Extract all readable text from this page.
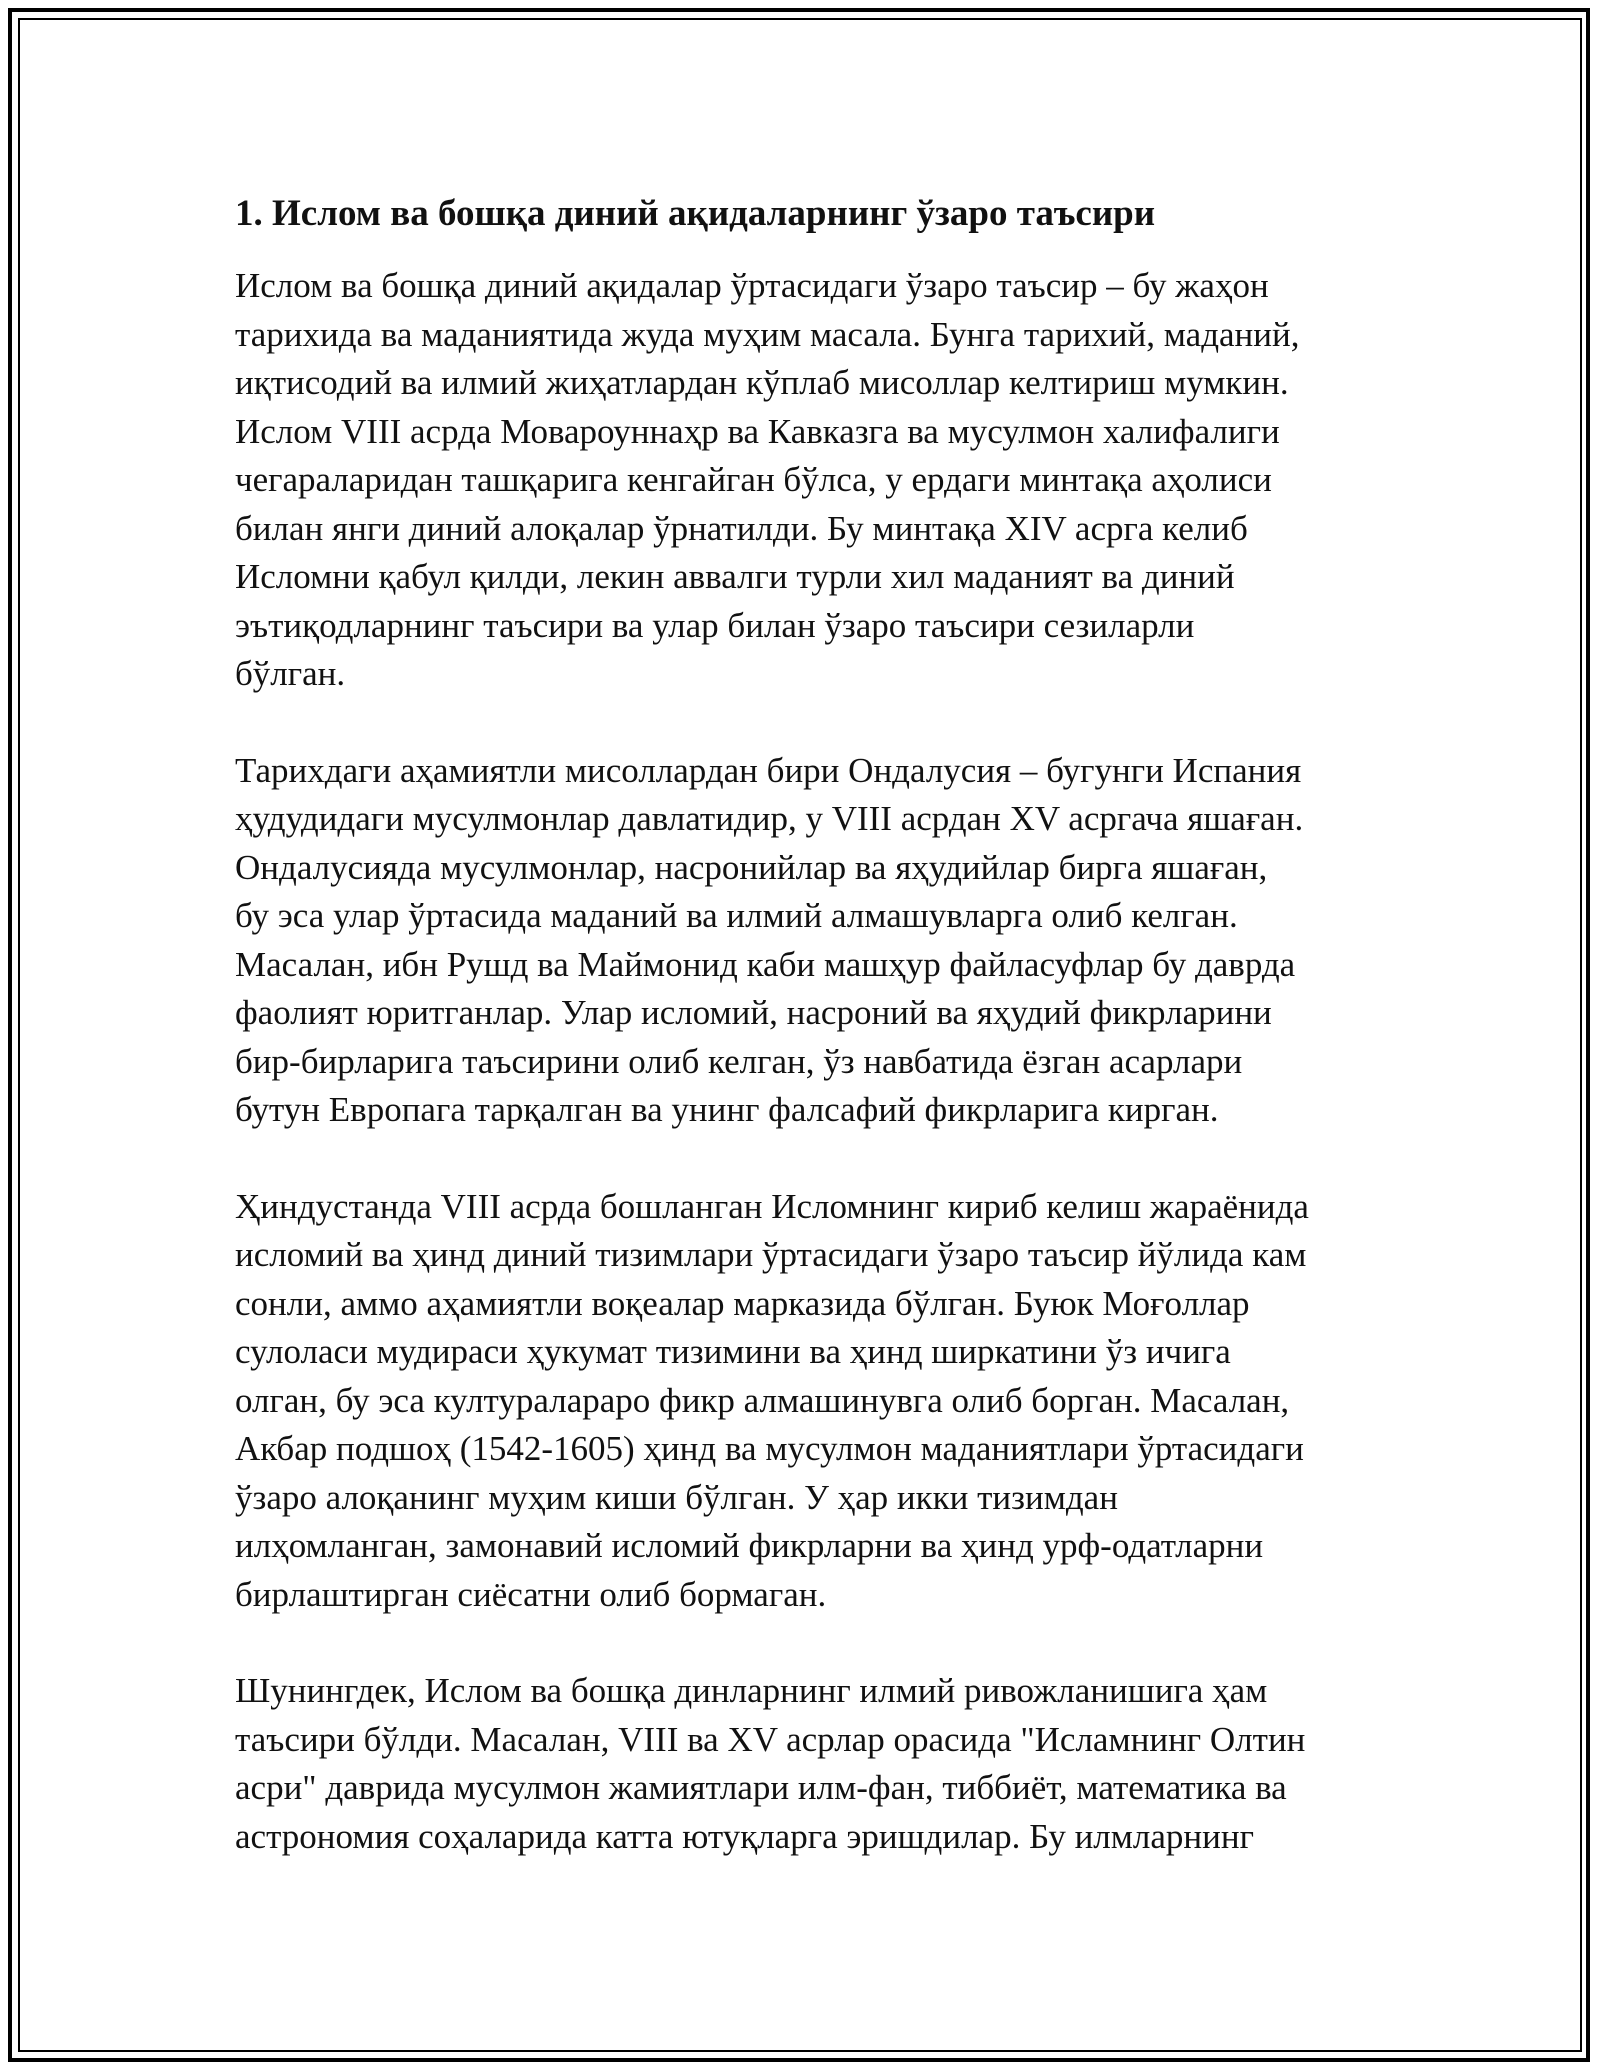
1. Ислом ва бошқа диний ақидаларнинг ўзаро таъсири

Ислом ва бошқа диний ақидалар ўртасидаги ўзаро таъсир – бу жаҳон
тарихида ва маданиятида жуда муҳим масала. Бунга тарихий, маданий,
иқтисодий ва илмий жиҳатлардан кўплаб мисоллар келтириш мумкин.
Ислом VIII асрда Мовароуннаҳр ва Кавказга ва мусулмон халифалиги
чегараларидан ташқарига кенгайган бўлса, у ердаги минтақа аҳолиси
билан янги диний алоқалар ўрнатилди. Бу минтақа XIV асрга келиб
Исломни қабул қилди, лекин аввалги турли хил маданият ва диний
эътиқодларнинг таъсири ва улар билан ўзаро таъсири сезиларли
бўлган.

Тарихдаги аҳамиятли мисоллардан бири Ондалусия – бугунги Испания
ҳудудидаги мусулмонлар давлатидир, у VIII асрдан XV асргача яшаған.
Ондалусияда мусулмонлар, насронийлар ва яҳудийлар бирга яшаған,
бу эса улар ўртасида маданий ва илмий алмашувларга олиб келган.
Масалан, ибн Рушд ва Маймонид каби машҳур файласуфлар бу даврда
фаолият юритганлар. Улар исломий, насроний ва яҳудий фикрларини
бир-бирларига таъсирини олиб келган, ўз навбатида ёзган асарлари
бутун Европага тарқалган ва унинг фалсафий фикрларига кирган.

Ҳиндустанда VIII асрда бошланган Исломнинг кириб келиш жараёнида
исломий ва ҳинд диний тизимлари ўртасидаги ўзаро таъсир йўлида кам
сонли, аммо аҳамиятли воқеалар марказида бўлган. Буюк Моғоллар
сулоласи мудираси ҳукумат тизимини ва ҳинд ширкатини ўз ичига
олган, бу эса култураларaро фикр алмашинувга олиб борган. Масалан,
Акбар подшоҳ (1542-1605) ҳинд ва мусулмон маданиятлари ўртасидаги
ўзаро алоқанинг муҳим киши бўлган. У ҳар икки тизимдан
илҳомланган, замонавий исломий фикрларни ва ҳинд урф-одатларни
бирлаштирган сиёсатни олиб бормаган.

Шунингдек, Ислом ва бошқа динларнинг илмий ривожланишига ҳам
таъсири бўлди. Масалан, VIII ва XV асрлар орасида "Исламнинг Олтин
асри" даврида мусулмон жамиятлари илм-фан, тиббиёт, математика ва
астрономия соҳаларида катта ютуқларга эришдилар. Бу илмларнинг
